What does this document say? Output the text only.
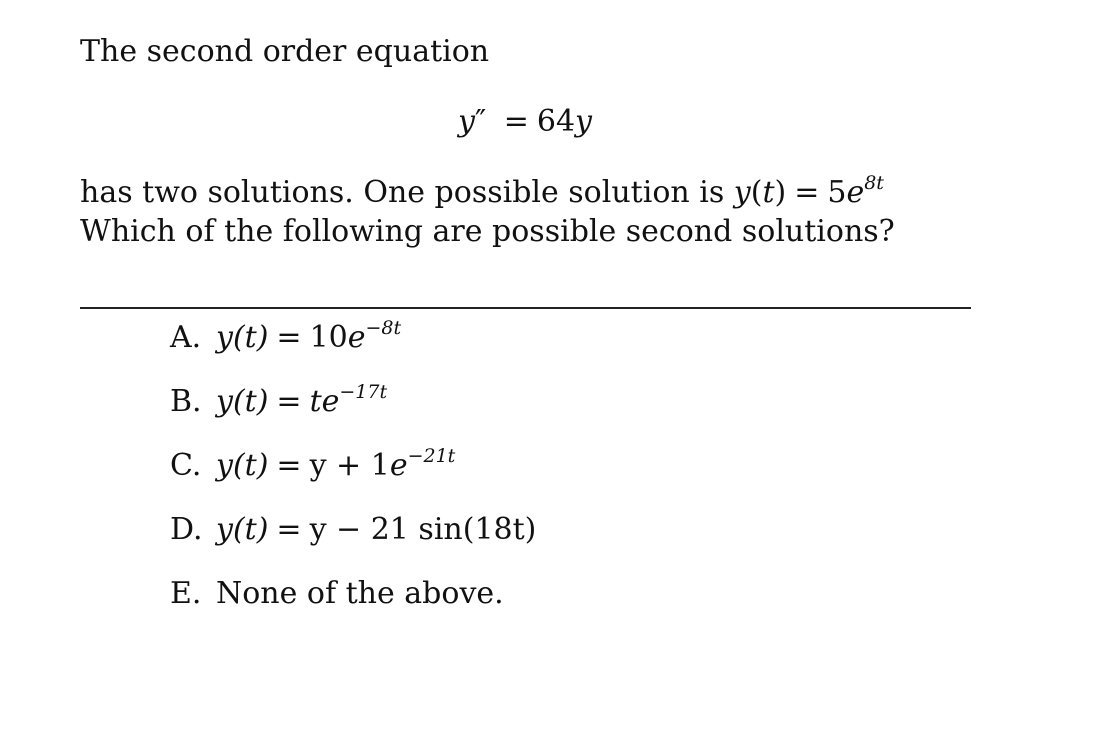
The second order equation
y″ = 64y
has two solutions. One possible solution is $y(t) = 5e^{8t}$ Which of the following are possible second solutions?
A. $y(t) = 10e^{-8t}$
B. $y(t) = te^{-17t}$
C. $y(t) = y + 1e^{-21t}$
D. y(t) = y − 21 sin(18t)
E. None of the above.
